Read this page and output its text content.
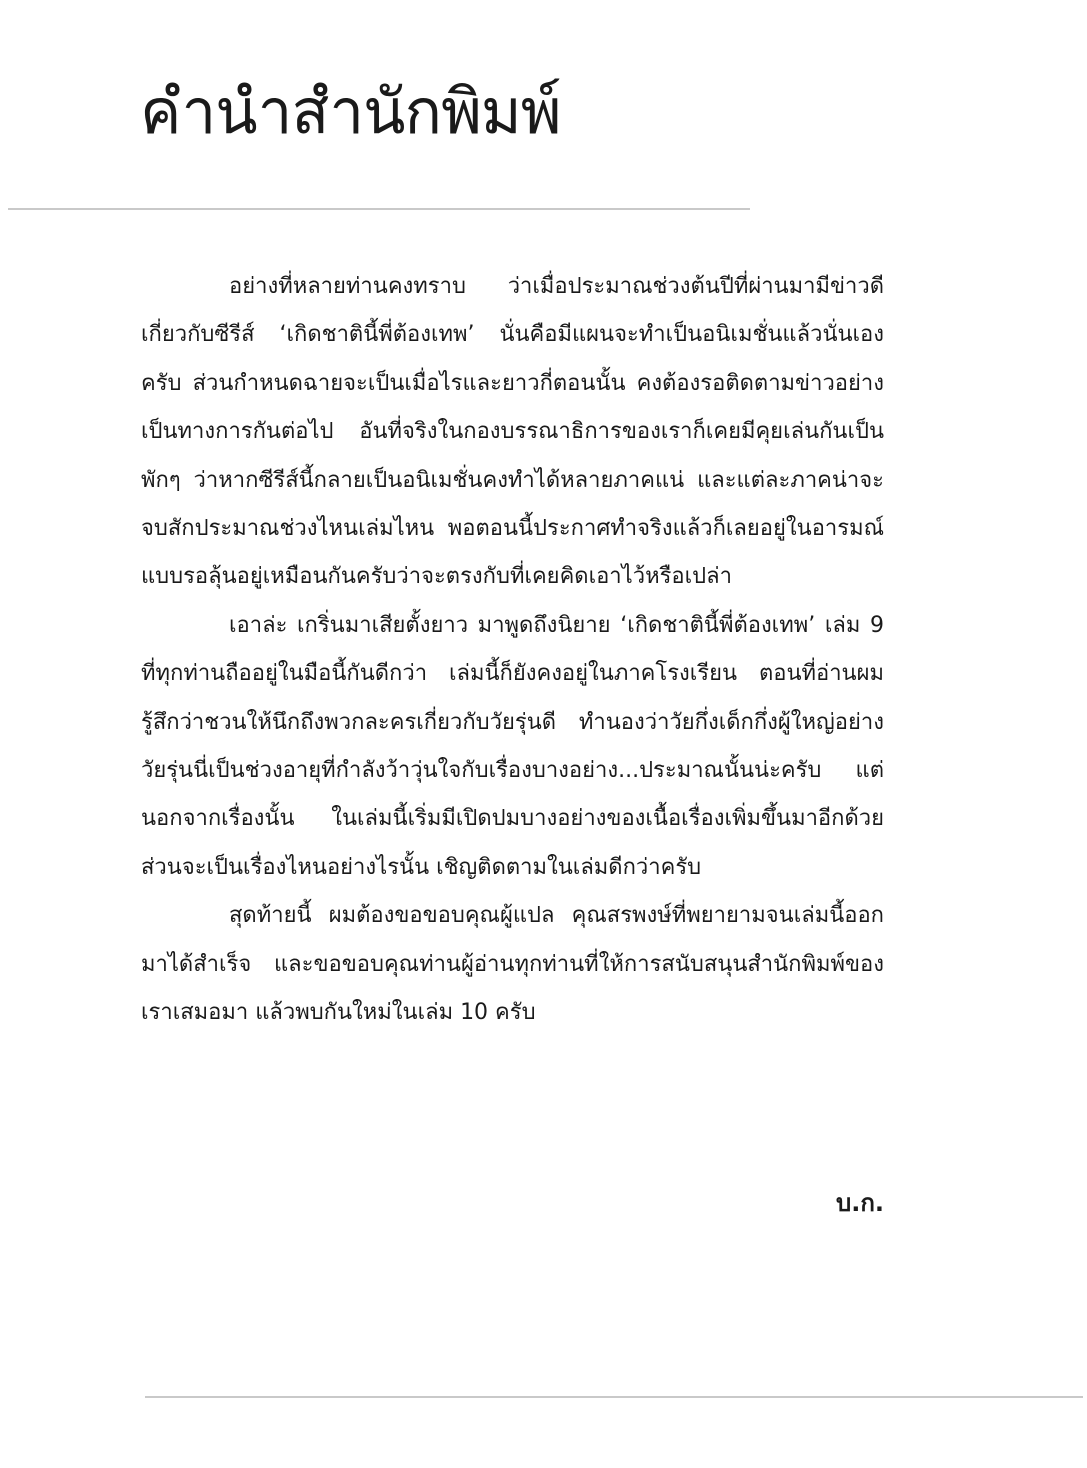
คำนำสำนักพิมพ์

อย่างที่หลายท่านคงทราบ ว่าเมื่อประมาณช่วงต้นปีที่ผ่านมามีข่าวดีเกี่ยวกับซีรีส์ ‘เกิดชาตินี้พี่ต้องเทพ’ นั่นคือมีแผนจะทำเป็นอนิเมชั่นแล้วนั่นเองครับ ส่วนกำหนดฉายจะเป็นเมื่อไรและยาวกี่ตอนนั้น คงต้องรอติดตามข่าวอย่างเป็นทางการกันต่อไป อันที่จริงในกองบรรณาธิการของเราก็เคยมีคุยเล่นกันเป็นพักๆ ว่าหากซีรีส์นี้กลายเป็นอนิเมชั่นคงทำได้หลายภาคแน่ และแต่ละภาคน่าจะจบสักประมาณช่วงไหนเล่มไหน พอตอนนี้ประกาศทำจริงแล้วก็เลยอยู่ในอารมณ์แบบรอลุ้นอยู่เหมือนกันครับว่าจะตรงกับที่เคยคิดเอาไว้หรือเปล่า

เอาล่ะ เกริ่นมาเสียตั้งยาว มาพูดถึงนิยาย ‘เกิดชาตินี้พี่ต้องเทพ’ เล่ม 9 ที่ทุกท่านถืออยู่ในมือนี้กันดีกว่า เล่มนี้ก็ยังคงอยู่ในภาคโรงเรียน ตอนที่อ่านผมรู้สึกว่าชวนให้นึกถึงพวกละครเกี่ยวกับวัยรุ่นดี ทำนองว่าวัยกึ่งเด็กกึ่งผู้ใหญ่อย่างวัยรุ่นนี่เป็นช่วงอายุที่กำลังว้าวุ่นใจกับเรื่องบางอย่าง...ประมาณนั้นน่ะครับ แต่นอกจากเรื่องนั้น ในเล่มนี้เริ่มมีเปิดปมบางอย่างของเนื้อเรื่องเพิ่มขึ้นมาอีกด้วย ส่วนจะเป็นเรื่องไหนอย่างไรนั้น เชิญติดตามในเล่มดีกว่าครับ

สุดท้ายนี้ ผมต้องขอขอบคุณผู้แปล คุณสรพงษ์ที่พยายามจนเล่มนี้ออกมาได้สำเร็จ และขอขอบคุณท่านผู้อ่านทุกท่านที่ให้การสนับสนุนสำนักพิมพ์ของเราเสมอมา แล้วพบกันใหม่ในเล่ม 10 ครับ

บ.ก.
